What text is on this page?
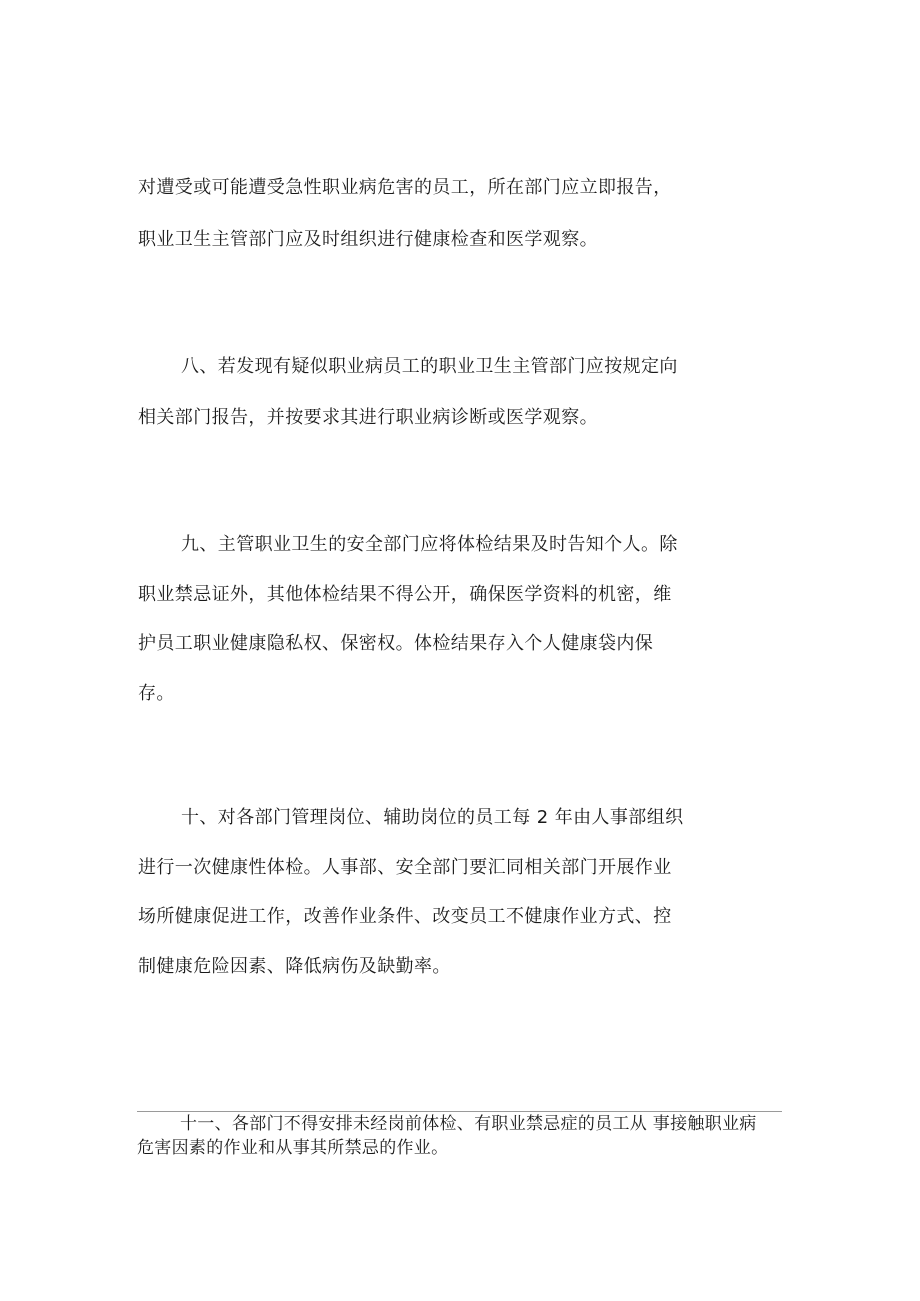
对遭受或可能遭受急性职业病危害的员工，所在部门应立即报告，
职业卫生主管部门应及时组织进行健康检查和医学观察。
八、若发现有疑似职业病员工的职业卫生主管部门应按规定向
相关部门报告，并按要求其进行职业病诊断或医学观察。
九、主管职业卫生的安全部门应将体检结果及时告知个人。除
职业禁忌证外，其他体检结果不得公开，确保医学资料的机密，维
护员工职业健康隐私权、保密权。体检结果存入个人健康袋内保
存。
十、对各部门管理岗位、辅助岗位的员工每 2 年由人事部组织
进行一次健康性体检。人事部、安全部门要汇同相关部门开展作业
场所健康促进工作，改善作业条件、改变员工不健康作业方式、控
制健康危险因素、降低病伤及缺勤率。
十一、各部门不得安排未经岗前体检、有职业禁忌症的员工从 事接触职业病
危害因素的作业和从事其所禁忌的作业。
